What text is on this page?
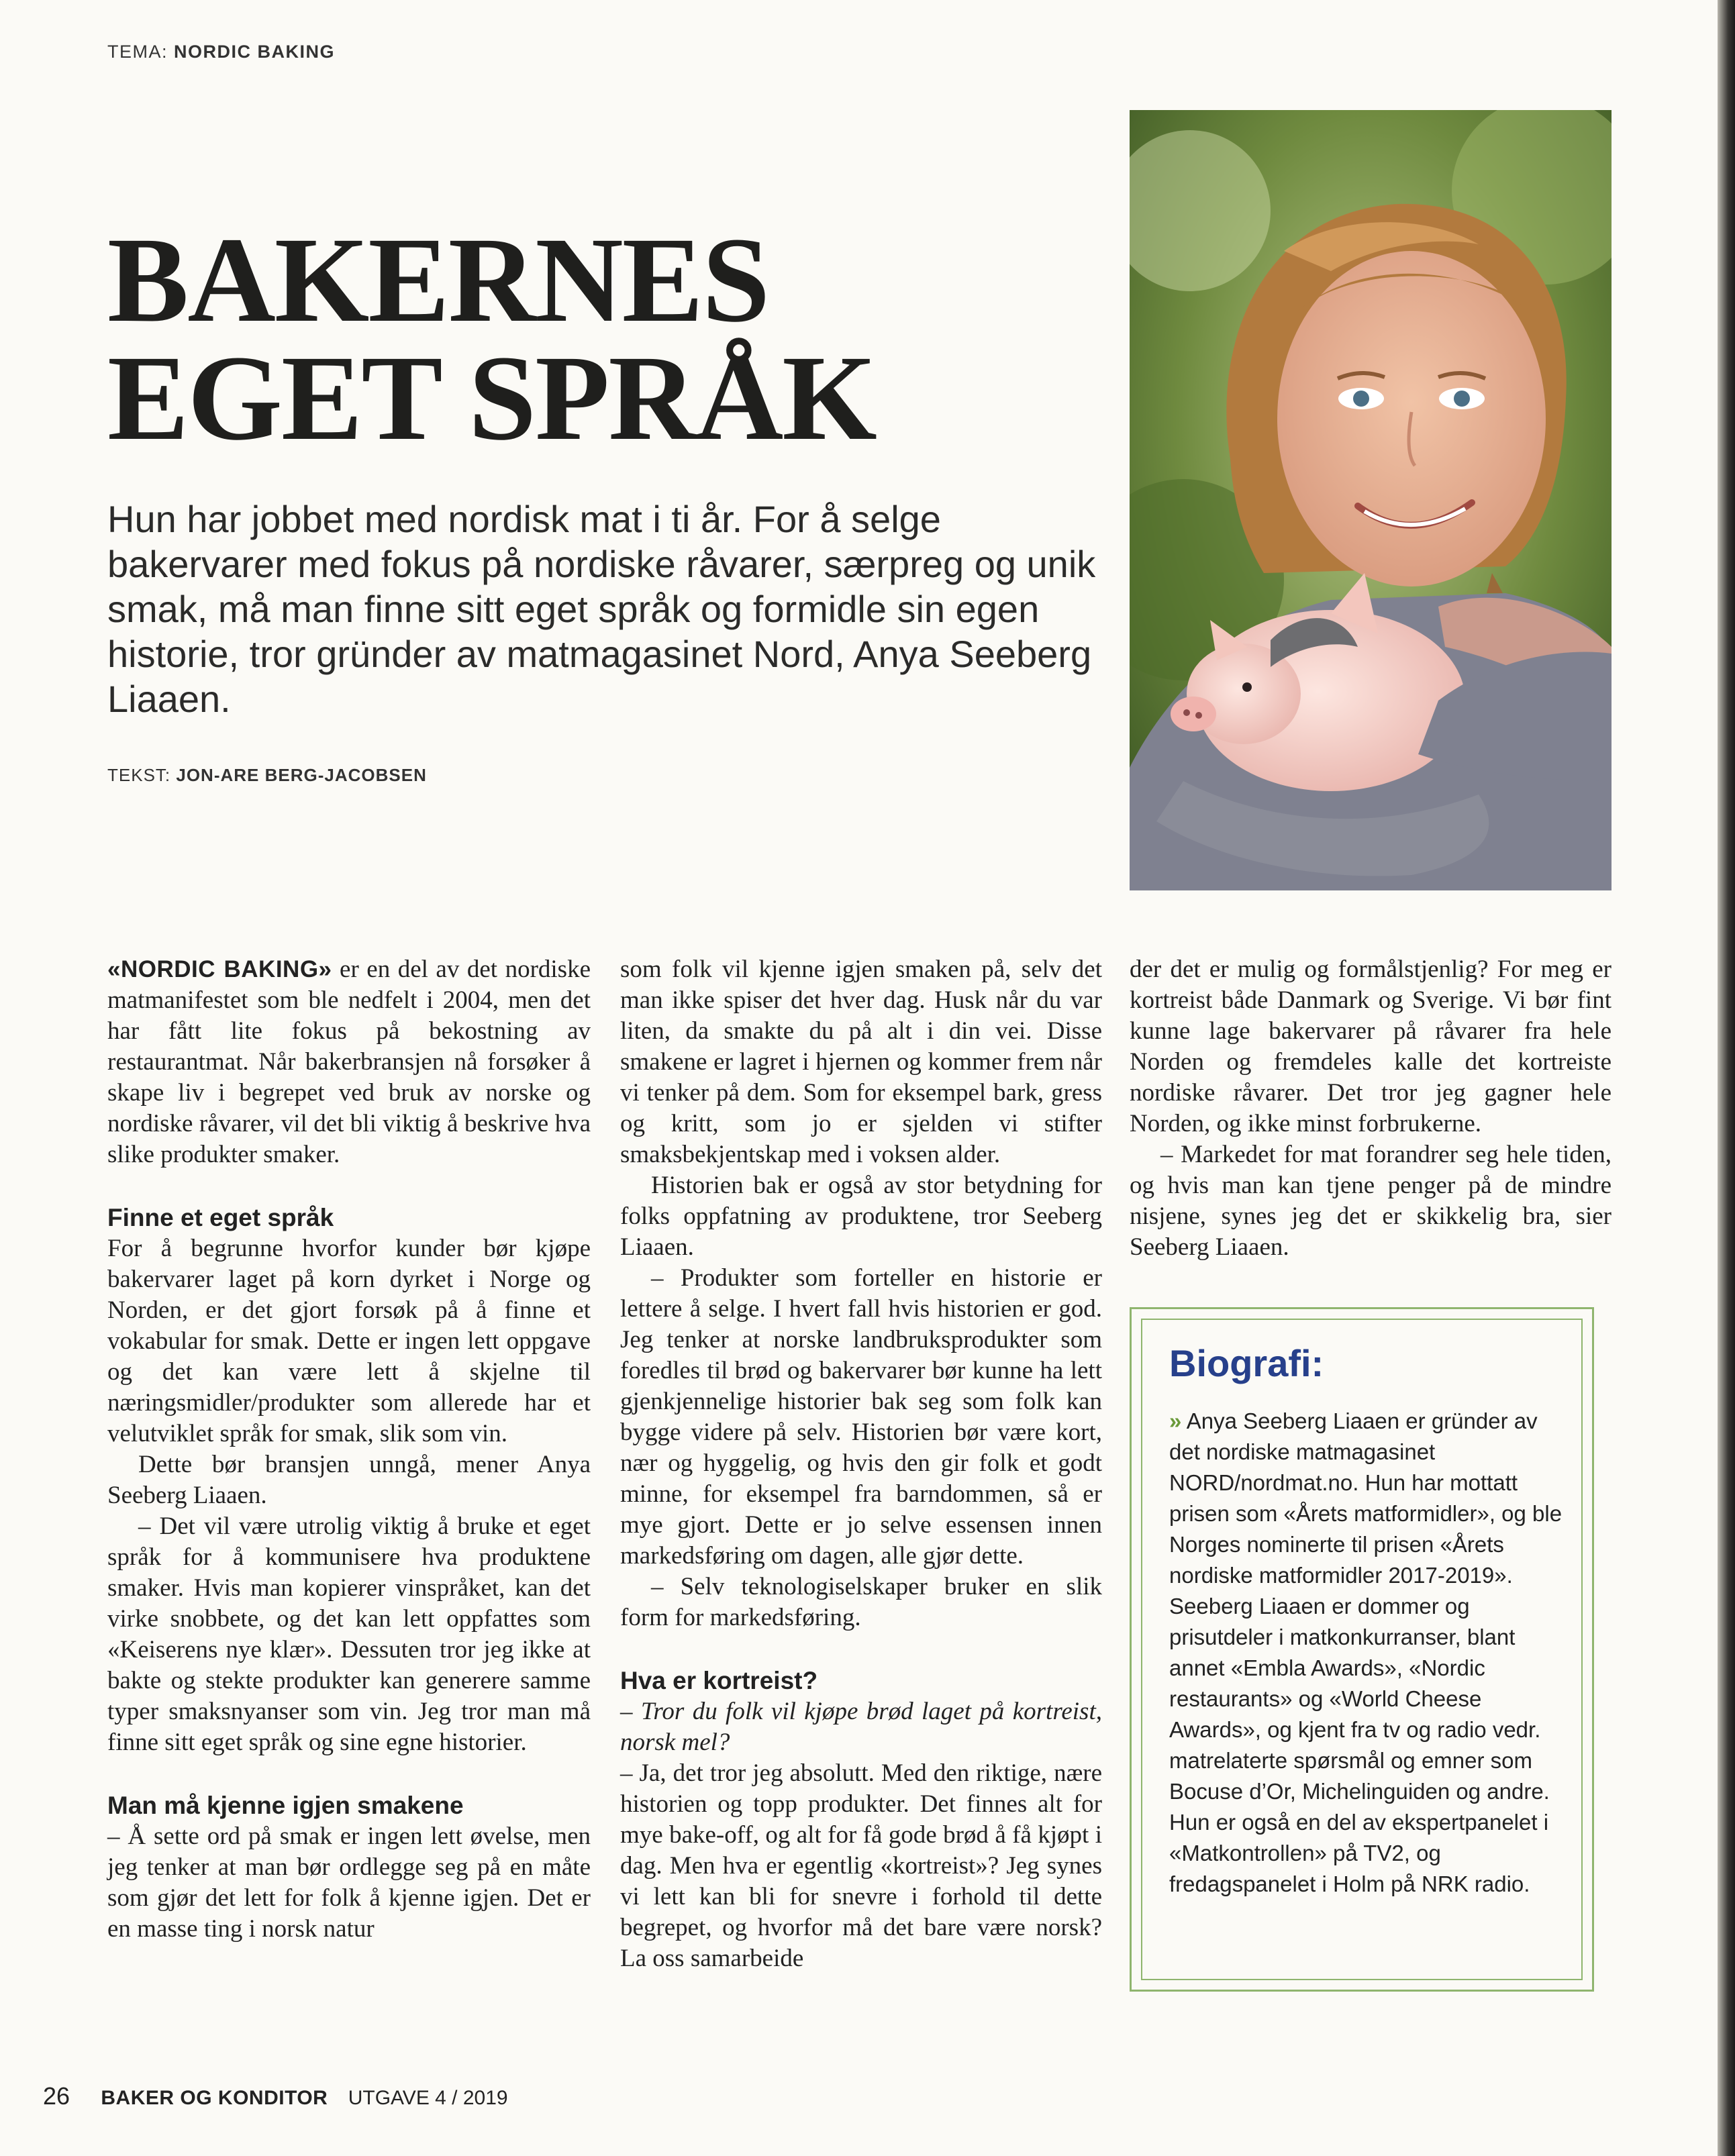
TEMA: NORDIC BAKING
BAKERNES
EGET SPRÅK
Hun har jobbet med nordisk mat i ti år. For å selge bakervarer med fokus på nordiske råvarer, særpreg og unik smak, må man finne sitt eget språk og formidle sin egen historie, tror gründer av matmagasinet Nord, Anya Seeberg Liaaen.
TEKST: JON-ARE BERG-JACOBSEN

«NORDIC BAKING» er en del av det nordiske matmanifestet som ble nedfelt i 2004, men det har fått lite fokus på bekostning av restaurantmat. Når bakerbransjen nå forsøker å skape liv i begrepet ved bruk av norske og nordiske råvarer, vil det bli viktig å beskrive hva slike produkter smaker.

Finne et eget språk

For å begrunne hvorfor kunder bør kjøpe bakervarer laget på korn dyrket i Norge og Norden, er det gjort forsøk på å finne et vokabular for smak. Dette er ingen lett oppgave og det kan være lett å skjelne til næringsmidler/produkter som allerede har et velutviklet språk for smak, slik som vin.

Dette bør bransjen unngå, mener Anya Seeberg Liaaen.

– Det vil være utrolig viktig å bruke et eget språk for å kommunisere hva produktene smaker. Hvis man kopierer vinspråket, kan det virke snobbete, og det kan lett oppfattes som «Keiserens nye klær». Dessuten tror jeg ikke at bakte og stekte produkter kan generere samme typer smaksnyanser som vin. Jeg tror man må finne sitt eget språk og sine egne historier.

Man må kjenne igjen smakene

– Å sette ord på smak er ingen lett øvelse, men jeg tenker at man bør ordlegge seg på en måte som gjør det lett for folk å kjenne igjen. Det er en masse ting i norsk natur

som folk vil kjenne igjen smaken på, selv det man ikke spiser det hver dag. Husk når du var liten, da smakte du på alt i din vei. Disse smakene er lagret i hjernen og kommer frem når vi tenker på dem. Som for eksempel bark, gress og kritt, som jo er sjelden vi stifter smaksbekjentskap med i voksen alder.

Historien bak er også av stor betydning for folks oppfatning av produktene, tror Seeberg Liaaen.

– Produkter som forteller en historie er lettere å selge. I hvert fall hvis historien er god. Jeg tenker at norske landbruksprodukter som foredles til brød og bakervarer bør kunne ha lett gjenkjennelige historier bak seg som folk kan bygge videre på selv. Historien bør være kort, nær og hyggelig, og hvis den gir folk et godt minne, for eksempel fra barndommen, så er mye gjort. Dette er jo selve essensen innen markedsføring om dagen, alle gjør dette.

– Selv teknologiselskaper bruker en slik form for markedsføring.

Hva er kortreist?

– Tror du folk vil kjøpe brød laget på kortreist, norsk mel?

– Ja, det tror jeg absolutt. Med den riktige, nære historien og topp produkter. Det finnes alt for mye bake-off, og alt for få gode brød å få kjøpt i dag. Men hva er egentlig «kortreist»? Jeg synes vi lett kan bli for snevre i forhold til dette begrepet, og hvorfor må det bare være norsk? La oss samarbeide

der det er mulig og formålstjenlig? For meg er kortreist både Danmark og Sverige. Vi bør fint kunne lage bakervarer på råvarer fra hele Norden og fremdeles kalle det kortreiste nordiske råvarer. Det tror jeg gagner hele Norden, og ikke minst forbrukerne.

– Markedet for mat forandrer seg hele tiden, og hvis man kan tjene penger på de mindre nisjene, synes jeg det er skikkelig bra, sier Seeberg Liaaen.

Biografi:
» Anya Seeberg Liaaen er gründer av det nordiske matmagasinet NORD/nordmat.no. Hun har mottatt prisen som «Årets matformidler», og ble Norges nominerte til prisen «Årets nordiske matformidler 2017-2019». Seeberg Liaaen er dommer og prisutdeler i matkonkurranser, blant annet «Embla Awards», «Nordic restaurants» og «World Cheese Awards», og kjent fra tv og radio vedr. matrelaterte spørsmål og emner som Bocuse d’Or, Michelinguiden og andre. Hun er også en del av ekspertpanelet i «Matkontrollen» på TV2, og fredagspanelet i Holm på NRK radio.
26 BAKER OG KONDITOR UTGAVE 4 / 2019
